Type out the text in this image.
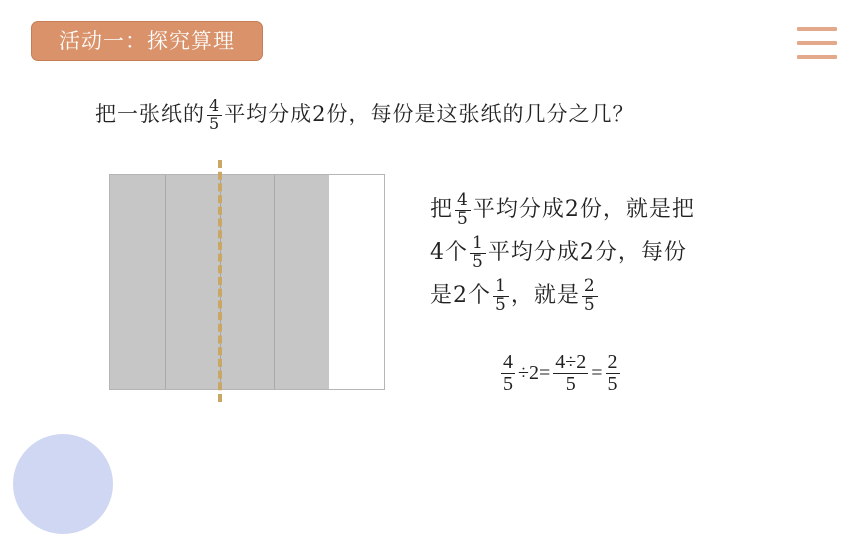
活动一：探究算理
把一张纸的 $\frac{4}{5}$ 平均分成2份，每份是这张纸的几分之几？
把 $\frac{4}{5}$ 平均分成2份，就是把
4个 $\frac{1}{5}$ 平均分成2分，每份
是2个 $\frac{1}{5}$ ，就是 $\frac{2}{5}$
$\frac{4}{5} \div 2= \frac{4\div 2}{5} = \frac{2}{5}$
